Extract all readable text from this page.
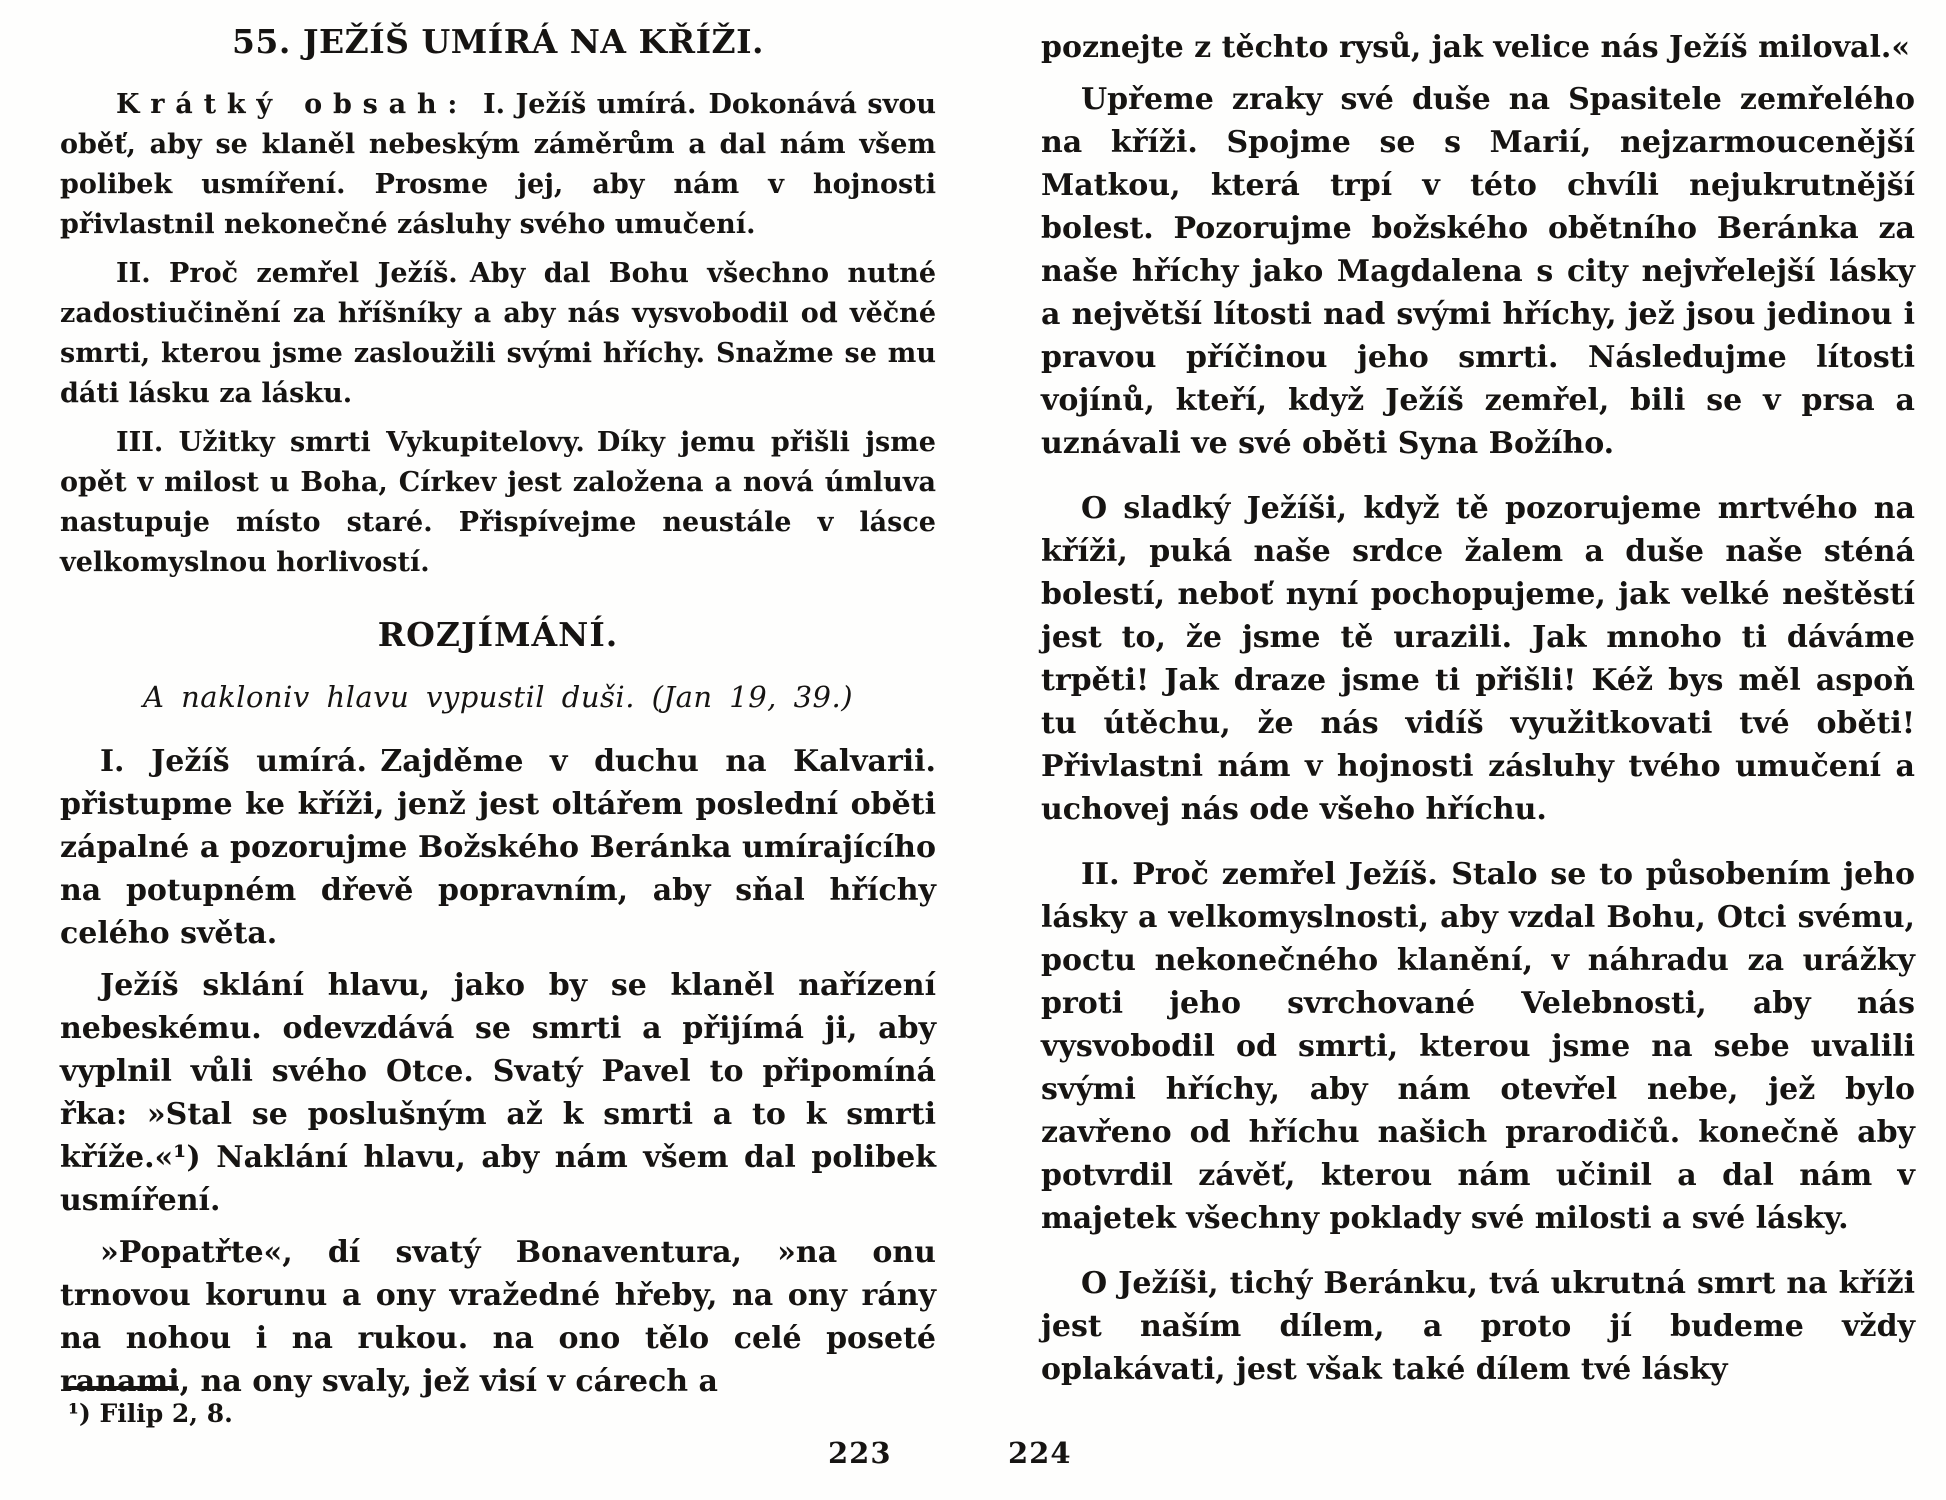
55. JEŽÍŠ UMÍRÁ NA KŘÍŽI.

Krátký obsah: I. Ježíš umírá. Dokonává svou oběť, aby se klaněl nebeským záměrům a dal nám všem polibek usmíření. Prosme jej, aby nám v hojnosti přivlastnil nekonečné zásluhy svého umučení.

II. Proč zemřel Ježíš. Aby dal Bohu všechno nutné zadostiučinění za hříšníky a aby nás vysvobodil od věčné smrti, kterou jsme zasloužili svými hříchy. Snažme se mu dáti lásku za lásku.

III. Užitky smrti Vykupitelovy. Díky jemu přišli jsme opět v milost u Boha, Církev jest založena a nová úmluva nastupuje místo staré. Přispívejme neustále v lásce velkomyslnou horlivostí.

ROZJÍMÁNÍ.

A nakloniv hlavu vypustil duši. (Jan 19, 39.)

I. Ježíš umírá. Zajděme v duchu na Kalvarii. přistupme ke kříži, jenž jest oltářem poslední oběti zápalné a pozorujme Božského Beránka umírajícího na potupném dřevě popravním, aby sňal hříchy celého světa.

Ježíš sklání hlavu, jako by se klaněl nařízení nebeskému. odevzdává se smrti a přijímá ji, aby vyplnil vůli svého Otce. Svatý Pavel to připomíná řka: »Stal se poslušným až k smrti a to k smrti kříže.«¹) Naklání hlavu, aby nám všem dal polibek usmíření.

»Popatřte«, dí svatý Bonaventura, »na onu trnovou korunu a ony vražedné hřeby, na ony rány na nohou i na rukou. na ono tělo celé poseté ranami, na ony svaly, jež visí v cárech a

¹) Filip 2, 8.

poznejte z těchto rysů, jak velice nás Ježíš miloval.«

Upřeme zraky své duše na Spasitele zemřelého na kříži. Spojme se s Marií, nejzarmoucenější Matkou, která trpí v této chvíli nejukrutnější bolest. Pozorujme božského obětního Beránka za naše hříchy jako Magdalena s city nejvřelejší lásky a největší lítosti nad svými hříchy, jež jsou jedinou i pravou příčinou jeho smrti. Následujme lítosti vojínů, kteří, když Ježíš zemřel, bili se v prsa a uznávali ve své oběti Syna Božího.

O sladký Ježíši, když tě pozorujeme mrtvého na kříži, puká naše srdce žalem a duše naše sténá bolestí, neboť nyní pochopujeme, jak velké neštěstí jest to, že jsme tě urazili. Jak mnoho ti dáváme trpěti! Jak draze jsme ti přišli! Kéž bys měl aspoň tu útěchu, že nás vidíš využitkovati tvé oběti! Přivlastni nám v hojnosti zásluhy tvého umučení a uchovej nás ode všeho hříchu.

II. Proč zemřel Ježíš. Stalo se to působením jeho lásky a velkomyslnosti, aby vzdal Bohu, Otci svému, poctu nekonečného klanění, v náhradu za urážky proti jeho svrchované Velebnosti, aby nás vysvobodil od smrti, kterou jsme na sebe uvalili svými hříchy, aby nám otevřel nebe, jež bylo zavřeno od hříchu našich prarodičů. konečně aby potvrdil závěť, kterou nám učinil a dal nám v majetek všechny poklady své milosti a své lásky.

O Ježíši, tichý Beránku, tvá ukrutná smrt na kříži jest naším dílem, a proto jí budeme vždy oplakávati, jest však také dílem tvé lásky

223	224
